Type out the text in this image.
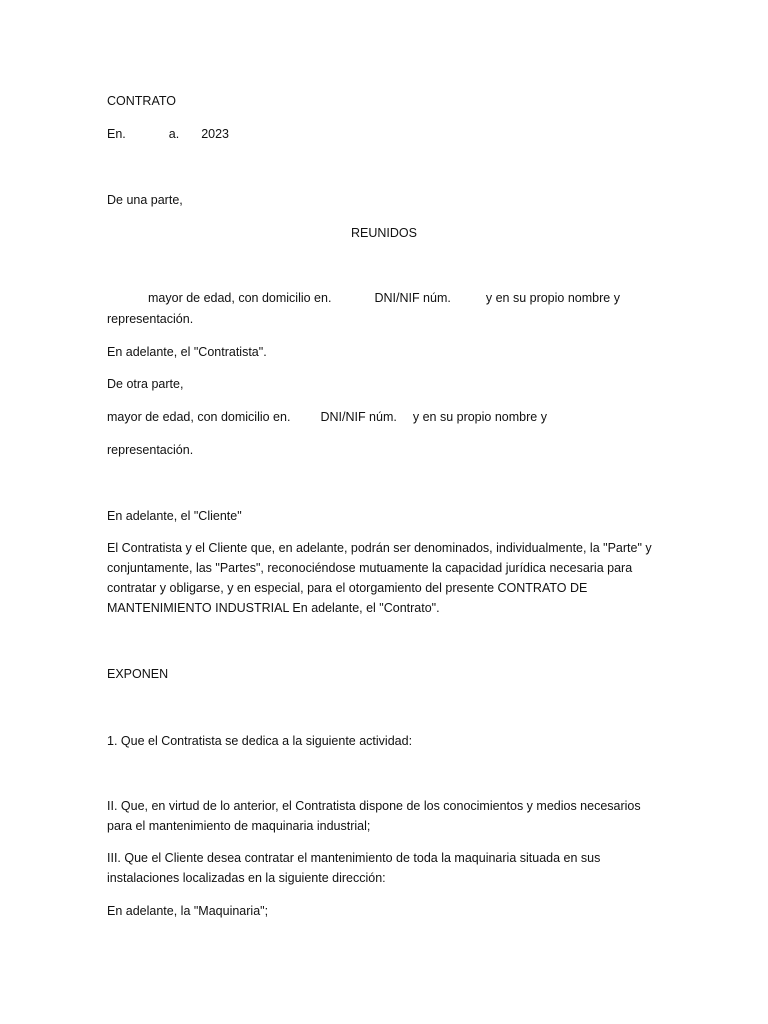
CONTRATO
En.	a. 2023
De una parte,
REUNIDOS
mayor de edad, con domicilio en.	DNI/NIF núm.	y en su propio nombre y
representación.
En adelante, el "Contratista".
De otra parte,
mayor de edad, con domicilio en. DNI/NIF núm. y en su propio nombre y
representación.
En adelante, el "Cliente"
El Contratista y el Cliente que, en adelante, podrán ser denominados, individualmente, la "Parte" y conjuntamente, las "Partes", reconociéndose mutuamente la capacidad jurídica necesaria para contratar y obligarse, y en especial, para el otorgamiento del presente CONTRATO DE MANTENIMIENTO INDUSTRIAL En adelante, el "Contrato".
EXPONEN
1. Que el Contratista se dedica a la siguiente actividad:
II. Que, en virtud de lo anterior, el Contratista dispone de los conocimientos y medios necesarios para el mantenimiento de maquinaria industrial;
III. Que el Cliente desea contratar el mantenimiento de toda la maquinaria situada en sus instalaciones localizadas en la siguiente dirección:
En adelante, la "Maquinaria";
